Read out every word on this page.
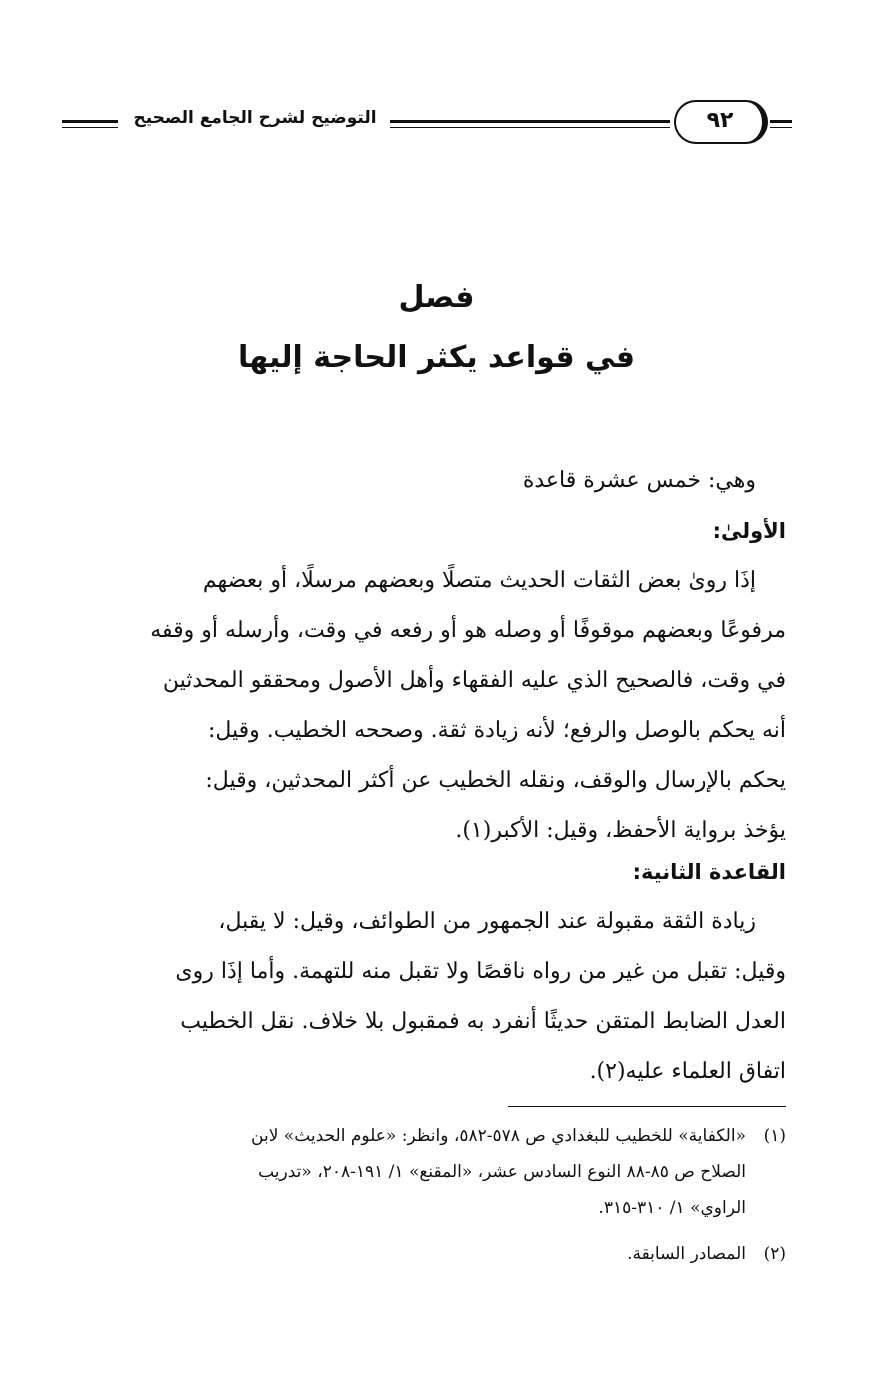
التوضيح لشرح الجامع الصحيح	٩٢
فصل
في قواعد يكثر الحاجة إليها
وهي: خمس عشرة قاعدة
الأولىٰ:
إذَا روىٰ بعض الثقات الحديث متصلًا وبعضهم مرسلًا، أو بعضهم
مرفوعًا وبعضهم موقوفًا أو وصله هو أو رفعه في وقت، وأرسله أو وقفه
في وقت، فالصحيح الذي عليه الفقهاء وأهل الأصول ومحققو المحدثين
أنه يحكم بالوصل والرفع؛ لأنه زيادة ثقة. وصححه الخطيب. وقيل:
يحكم بالإرسال والوقف، ونقله الخطيب عن أكثر المحدثين، وقيل:
يؤخذ برواية الأحفظ، وقيل: الأكبر(١).
القاعدة الثانية:
زيادة الثقة مقبولة عند الجمهور من الطوائف، وقيل: لا يقبل،
وقيل: تقبل من غير من رواه ناقصًا ولا تقبل منه للتهمة. وأما إذَا روى
العدل الضابط المتقن حديثًا أنفرد به فمقبول بلا خلاف. نقل الخطيب
اتفاق العلماء عليه(٢).
(١)«الكفاية» للخطيب للبغدادي ص ٥٧٨-٥٨٢، وانظر: «علوم الحديث» لابن
الصلاح ص ٨٥-٨٨ النوع السادس عشر، «المقنع» ١/ ١٩١-٢٠٨، «تدريب
الراوي» ١/ ٣١٠-٣١٥.
(٢)المصادر السابقة.
